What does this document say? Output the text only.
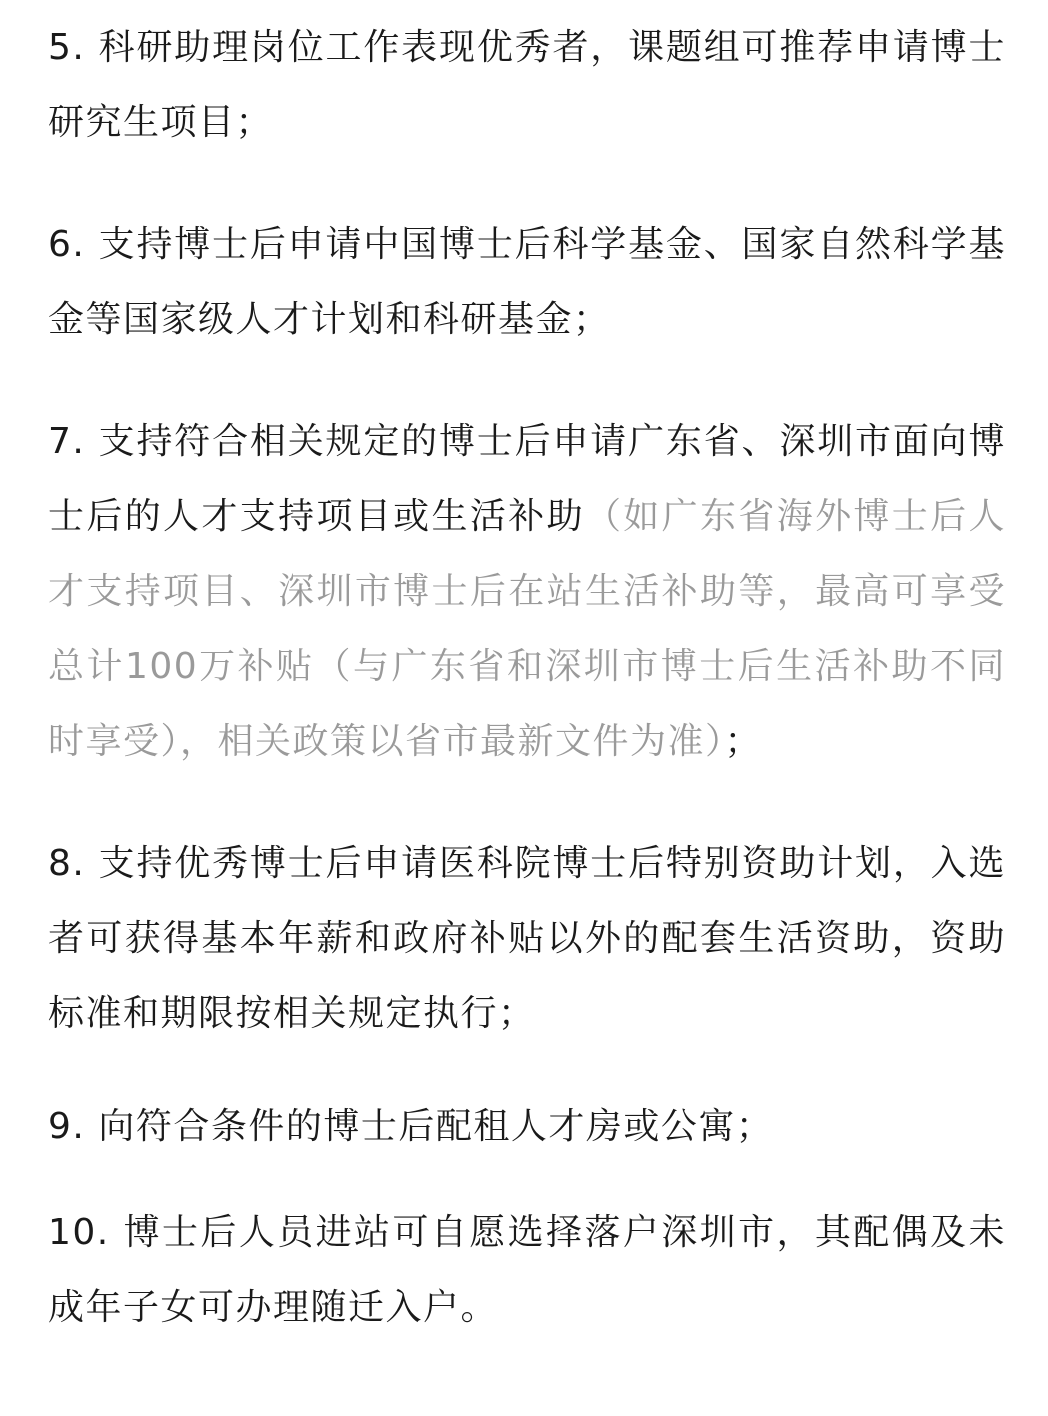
5. 科研助理岗位工作表现优秀者，课题组可推荐申请博士研究生项目；

6. 支持博士后申请中国博士后科学基金、国家自然科学基金等国家级人才计划和科研基金；

7. 支持符合相关规定的博士后申请广东省、深圳市面向博士后的人才支持项目或生活补助（如广东省海外博士后人才支持项目、深圳市博士后在站生活补助等，最高可享受总计100万补贴（与广东省和深圳市博士后生活补助不同时享受），相关政策以省市最新文件为准）；

8. 支持优秀博士后申请医科院博士后特别资助计划，入选者可获得基本年薪和政府补贴以外的配套生活资助，资助标准和期限按相关规定执行；

9. 向符合条件的博士后配租人才房或公寓；

10. 博士后人员进站可自愿选择落户深圳市，其配偶及未成年子女可办理随迁入户。
